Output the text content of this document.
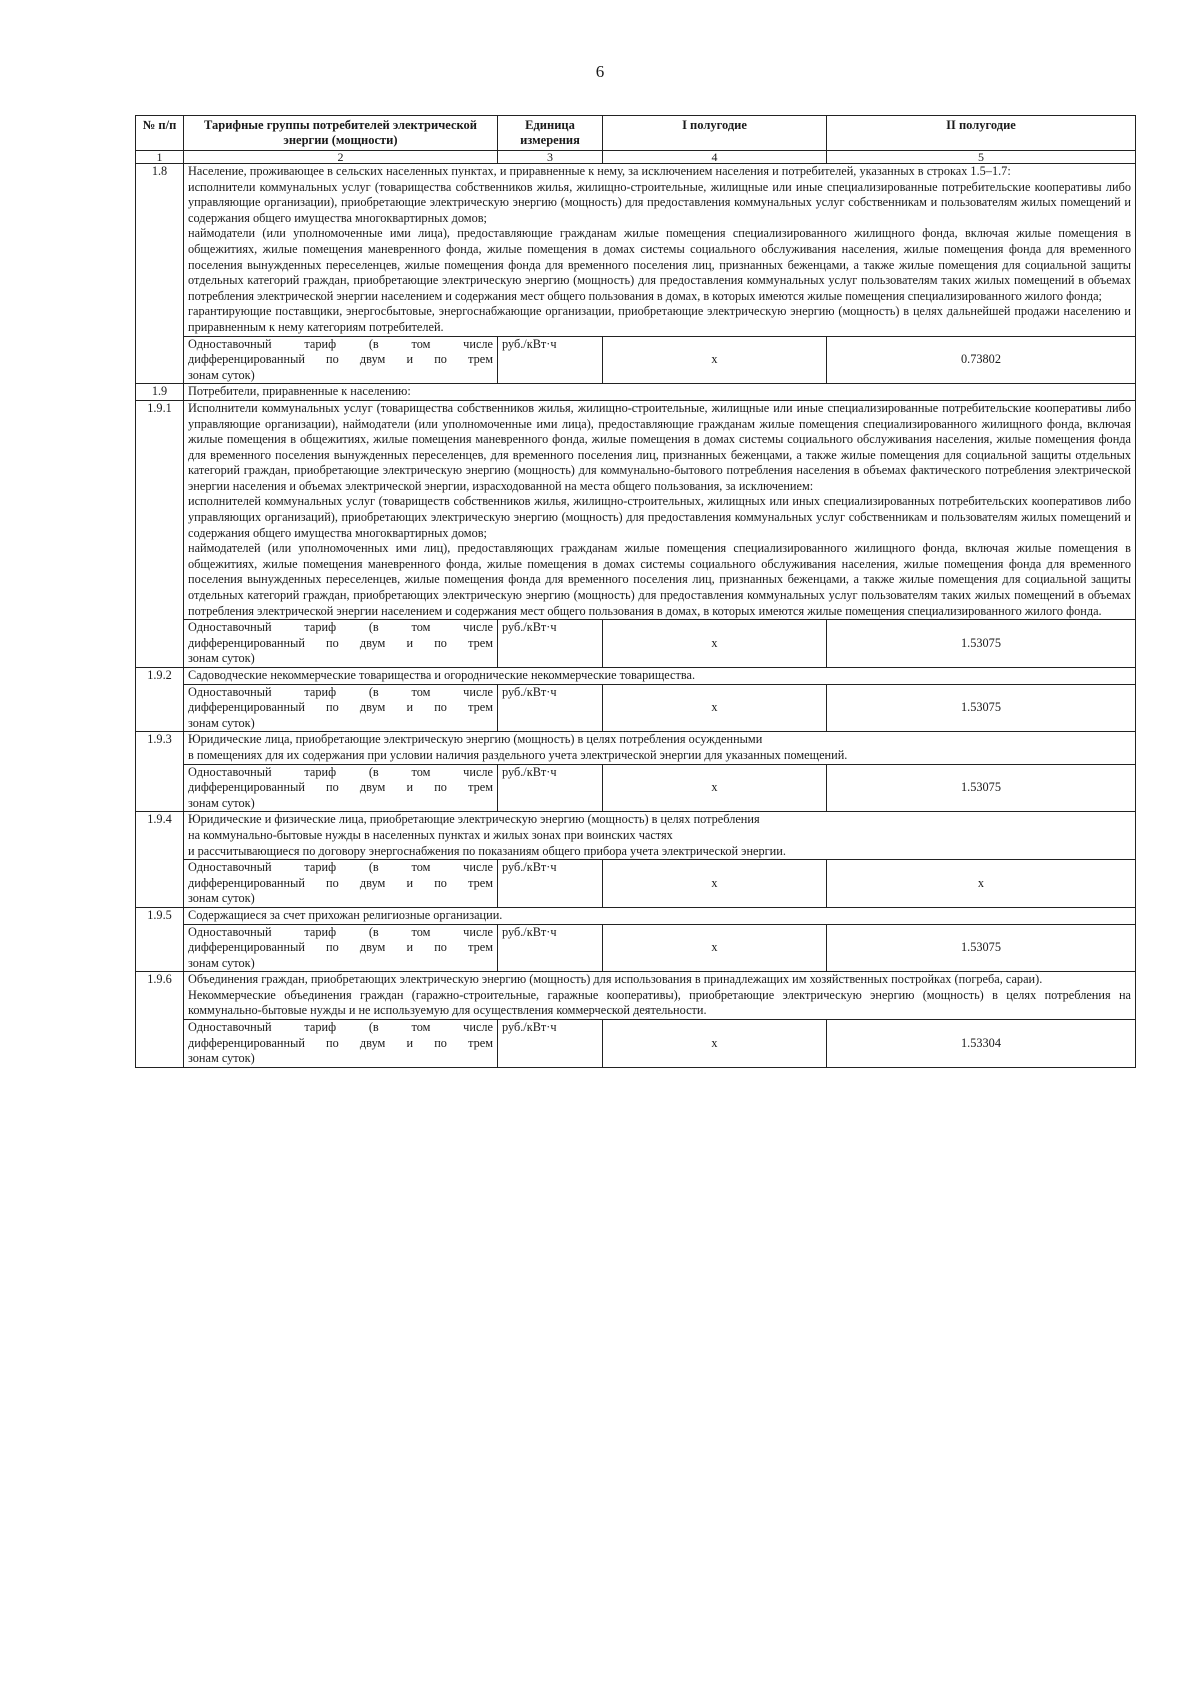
6
№ п/п	Тарифные группы потребителей электрической энергии (мощности)	Единица измерения	I полугодие	II полугодие
1	2	3	4	5
1.8	Население, проживающее в сельских населенных пунктах, и приравненные к нему, за исключением населения и потребителей, указанных в строках 1.5–1.7:

исполнители коммунальных услуг (товарищества собственников жилья, жилищно-строительные, жилищные или иные специализированные потребительские кооперативы либо управляющие организации), приобретающие электрическую энергию (мощность) для предоставления коммунальных услуг собственникам и пользователям жилых помещений и содержания общего имущества многоквартирных домов;

наймодатели (или уполномоченные ими лица), предоставляющие гражданам жилые помещения специализированного жилищного фонда, включая жилые помещения в общежитиях, жилые помещения маневренного фонда, жилые помещения в домах системы социального обслуживания населения, жилые помещения фонда для временного поселения вынужденных переселенцев, жилые помещения фонда для временного поселения лиц, признанных беженцами, а также жилые помещения для социальной защиты отдельных категорий граждан, приобретающие электрическую энергию (мощность) для предоставления коммунальных услуг пользователям таких жилых помещений в объемах потребления электрической энергии населением и содержания мест общего пользования в домах, в которых имеются жилые помещения специализированного жилого фонда;

гарантирующие поставщики, энергосбытовые, энергоснабжающие организации, приобретающие электрическую энергию (мощность) в целях дальнейшей продажи населению и приравненным к нему категориям потребителей.			

	Одноставочный тариф (в том числе
дифференцированный по двум и по трем
зонам суток)	руб./кВт·ч	x	0.73802
1.9	Потребители, приравненные к населению:			

1.9.1	Исполнители коммунальных услуг (товарищества собственников жилья, жилищно-строительные, жилищные или иные специализированные потребительские кооперативы либо управляющие организации), наймодатели (или уполномоченные ими лица), предоставляющие гражданам жилые помещения специализированного жилищного фонда, включая жилые помещения в общежитиях, жилые помещения маневренного фонда, жилые помещения в домах системы социального обслуживания населения, жилые помещения фонда для временного поселения вынужденных переселенцев, для временного поселения лиц, признанных беженцами, а также жилые помещения для социальной защиты отдельных категорий граждан, приобретающие электрическую энергию (мощность) для коммунально-бытового потребления населения в объемах фактического потребления электрической энергии населения и объемах электрической энергии, израсходованной на места общего пользования, за исключением:

исполнителей коммунальных услуг (товариществ собственников жилья, жилищно-строительных, жилищных или иных специализированных потребительских кооперативов либо управляющих организаций), приобретающих электрическую энергию (мощность) для предоставления коммунальных услуг собственникам и пользователям жилых помещений и содержания общего имущества многоквартирных домов;

наймодателей (или уполномоченных ими лиц), предоставляющих гражданам жилые помещения специализированного жилищного фонда, включая жилые помещения в общежитиях, жилые помещения маневренного фонда, жилые помещения в домах системы социального обслуживания населения, жилые помещения фонда для временного поселения вынужденных переселенцев, жилые помещения фонда для временного поселения лиц, признанных беженцами, а также жилые помещения для социальной защиты отдельных категорий граждан, приобретающих электрическую энергию (мощность) для предоставления коммунальных услуг пользователям таких жилых помещений в объемах потребления электрической энергии населением и содержания мест общего пользования в домах, в которых имеются жилые помещения специализированного жилого фонда.			

	Одноставочный тариф (в том числе
дифференцированный по двум и по трем
зонам суток)	руб./кВт·ч	x	1.53075
1.9.2	Садоводческие некоммерческие товарищества и огороднические некоммерческие товарищества.			

	Одноставочный тариф (в том числе
дифференцированный по двум и по трем
зонам суток)	руб./кВт·ч	x	1.53075
1.9.3	Юридические лица, приобретающие электрическую энергию (мощность) в целях потребления осужденными

в помещениях для их содержания при условии наличия раздельного учета электрической энергии для указанных помещений.			

	Одноставочный тариф (в том числе
дифференцированный по двум и по трем
зонам суток)	руб./кВт·ч	x	1.53075
1.9.4	Юридические и физические лица, приобретающие электрическую энергию (мощность) в целях потребления

на коммунально-бытовые нужды в населенных пунктах и жилых зонах при воинских частях

и рассчитывающиеся по договору энергоснабжения по показаниям общего прибора учета электрической энергии.			

	Одноставочный тариф (в том числе
дифференцированный по двум и по трем
зонам суток)	руб./кВт·ч	x	x
1.9.5	Содержащиеся за счет прихожан религиозные организации.			

	Одноставочный тариф (в том числе
дифференцированный по двум и по трем
зонам суток)	руб./кВт·ч	x	1.53075
1.9.6	Объединения граждан, приобретающих электрическую энергию (мощность) для использования в принадлежащих им хозяйственных постройках (погреба, сараи).

Некоммерческие объединения граждан (гаражно-строительные, гаражные кооперативы), приобретающие электрическую энергию (мощность) в целях потребления на коммунально-бытовые нужды и не используемую для осуществления коммерческой деятельности.			

	Одноставочный тариф (в том числе
дифференцированный по двум и по трем
зонам суток)	руб./кВт·ч	x	1.53304
